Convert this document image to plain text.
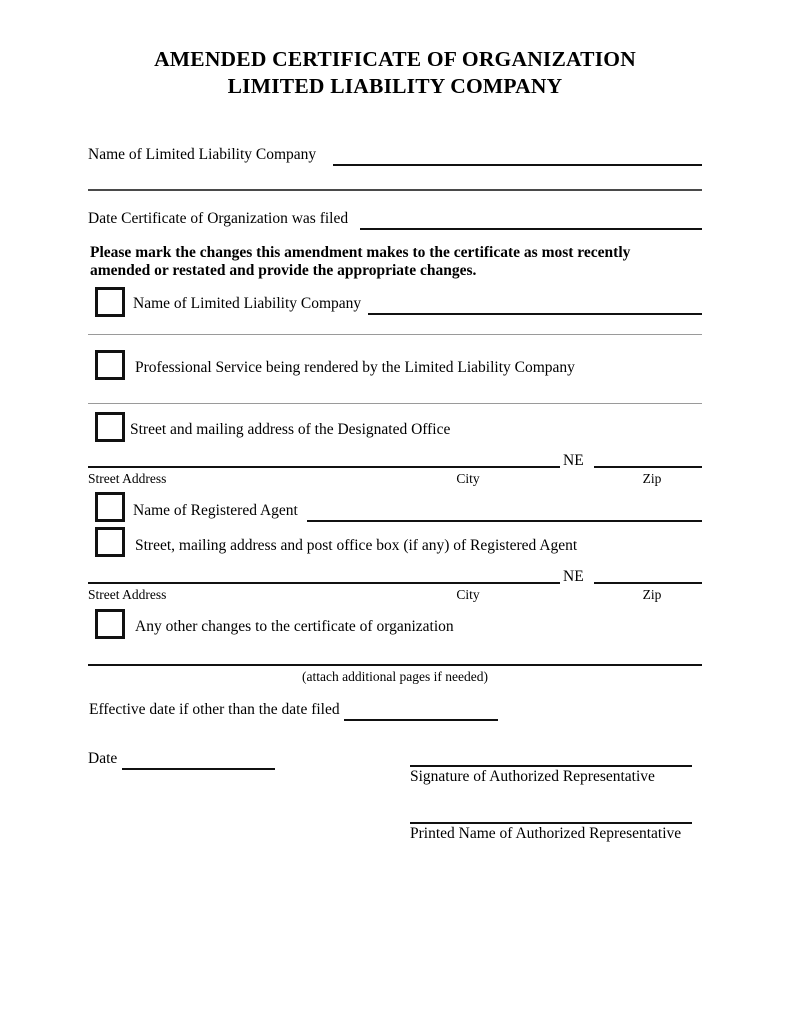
AMENDED CERTIFICATE OF ORGANIZATION
LIMITED LIABILITY COMPANY
Name of Limited Liability Company
Date Certificate of Organization was filed
Please mark the changes this amendment makes to the certificate as most recently
amended or restated and provide the appropriate changes.
Name of Limited Liability Company
Professional Service being rendered by the Limited Liability Company
Street and mailing address of the Designated Office
NE
Street Address	City	Zip
Name of Registered Agent
Street, mailing address and post office box (if any) of Registered Agent
NE
Street Address	City	Zip
Any other changes to the certificate of organization
(attach additional pages if needed)
Effective date if other than the date filed
Date
Signature of Authorized Representative
Printed Name of Authorized Representative
